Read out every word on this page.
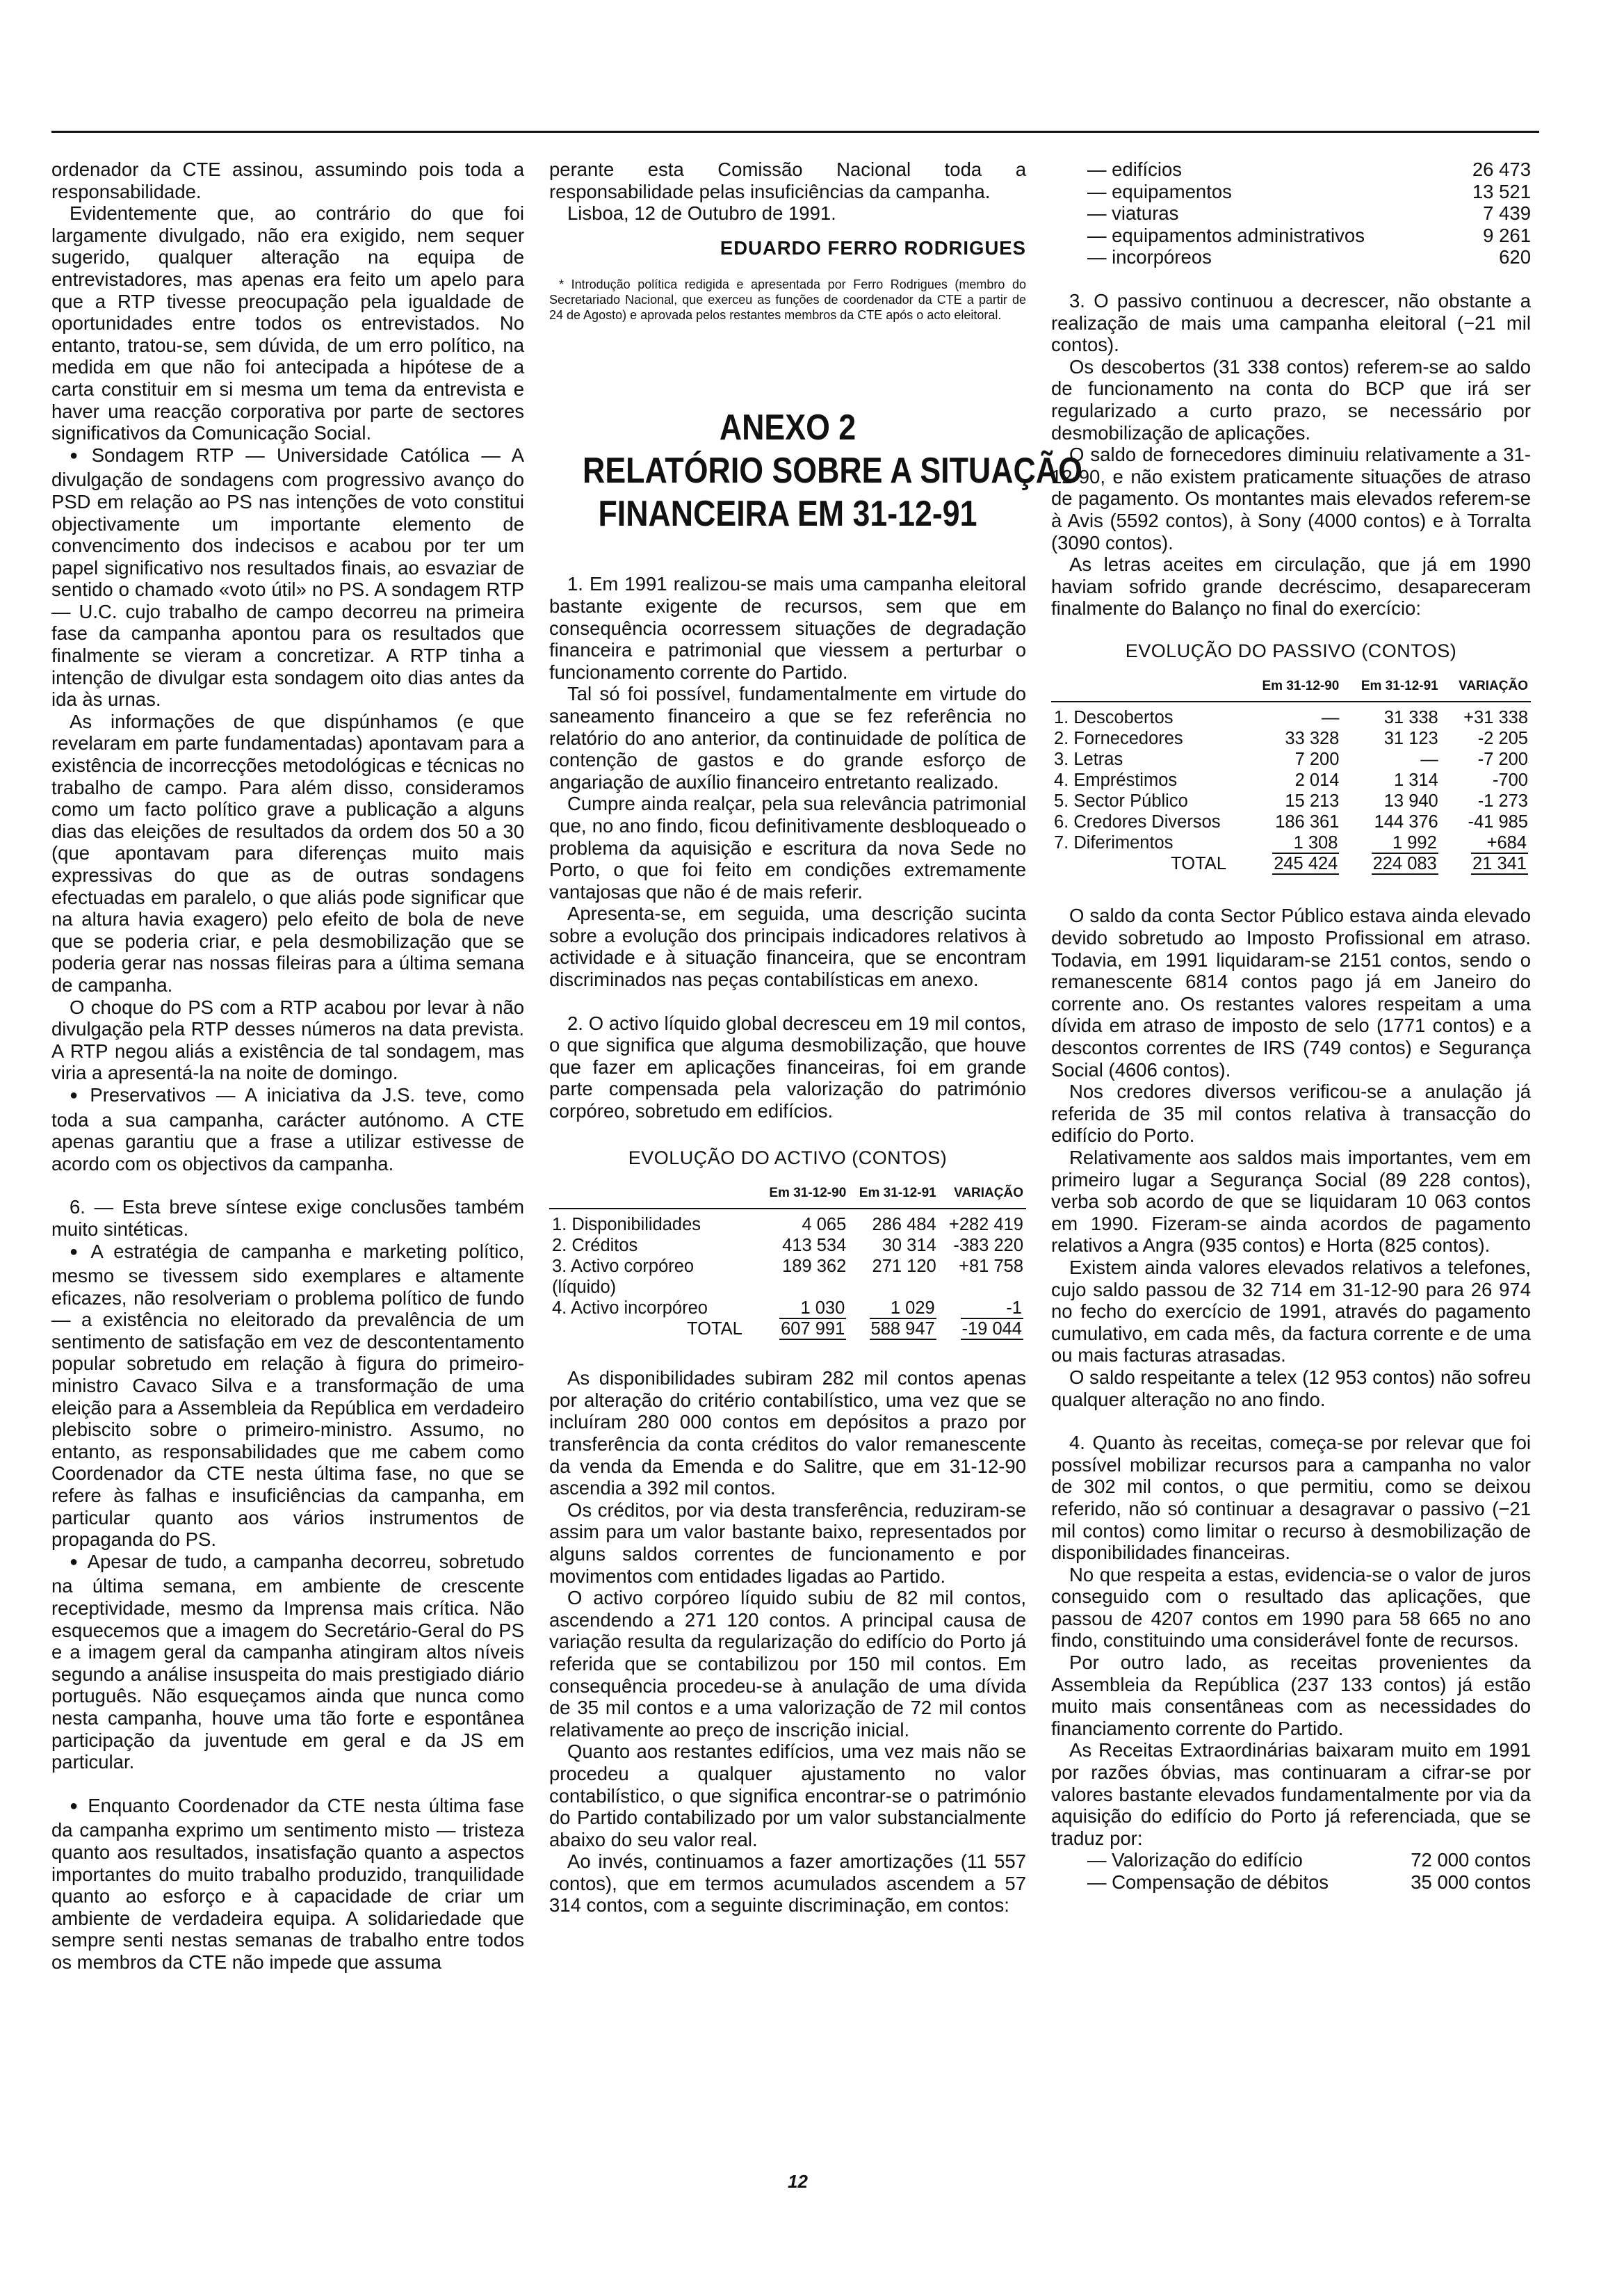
ordenador da CTE assinou, assumindo pois toda a responsabilidade.

Evidentemente que, ao contrário do que foi largamente divulgado, não era exigido, nem sequer sugerido, qualquer alteração na equipa de entrevistadores, mas apenas era feito um apelo para que a RTP tivesse preocupação pela igualdade de oportunidades entre todos os entrevistados. No entanto, tratou-se, sem dúvida, de um erro político, na medida em que não foi antecipada a hipótese de a carta constituir em si mesma um tema da entrevista e haver uma reacção corporativa por parte de sectores significativos da Comunicação Social.

● Sondagem RTP — Universidade Católica — A divulgação de sondagens com progressivo avanço do PSD em relação ao PS nas intenções de voto constitui objectivamente um importante elemento de convencimento dos indecisos e acabou por ter um papel significativo nos resultados finais, ao esvaziar de sentido o chamado «voto útil» no PS. A sondagem RTP — U.C. cujo trabalho de campo decorreu na primeira fase da campanha apontou para os resultados que finalmente se vieram a concretizar. A RTP tinha a intenção de divulgar esta sondagem oito dias antes da ida às urnas.

As informações de que dispúnhamos (e que revelaram em parte fundamentadas) apontavam para a existência de incorrecções metodológicas e técnicas no trabalho de campo. Para além disso, consideramos como um facto político grave a publicação a alguns dias das eleições de resultados da ordem dos 50 a 30 (que apontavam para diferenças muito mais expressivas do que as de outras sondagens efectuadas em paralelo, o que aliás pode significar que na altura havia exagero) pelo efeito de bola de neve que se poderia criar, e pela desmobilização que se poderia gerar nas nossas fileiras para a última semana de campanha.

O choque do PS com a RTP acabou por levar à não divulgação pela RTP desses números na data prevista. A RTP negou aliás a existência de tal sondagem, mas viria a apresentá-la na noite de domingo.

● Preservativos — A iniciativa da J.S. teve, como toda a sua campanha, carácter autónomo. A CTE apenas garantiu que a frase a utilizar estivesse de acordo com os objectivos da campanha.

6. — Esta breve síntese exige conclusões também muito sintéticas.

● A estratégia de campanha e marketing político, mesmo se tivessem sido exemplares e altamente eficazes, não resolveriam o problema político de fundo — a existência no eleitorado da prevalência de um sentimento de satisfação em vez de descontentamento popular sobretudo em relação à figura do primeiro-ministro Cavaco Silva e a transformação de uma eleição para a Assembleia da República em verdadeiro plebiscito sobre o primeiro-ministro. Assumo, no entanto, as responsabilidades que me cabem como Coordenador da CTE nesta última fase, no que se refere às falhas e insuficiências da campanha, em particular quanto aos vários instrumentos de propaganda do PS.

● Apesar de tudo, a campanha decorreu, sobretudo na última semana, em ambiente de crescente receptividade, mesmo da Imprensa mais crítica. Não esquecemos que a imagem do Secretário-Geral do PS e a imagem geral da campanha atingiram altos níveis segundo a análise insuspeita do mais prestigiado diário português. Não esqueçamos ainda que nunca como nesta campanha, houve uma tão forte e espontânea participação da juventude em geral e da JS em particular.

● Enquanto Coordenador da CTE nesta última fase da campanha exprimo um sentimento misto — tristeza quanto aos resultados, insatisfação quanto a aspectos importantes do muito trabalho produzido, tranquilidade quanto ao esforço e à capacidade de criar um ambiente de verdadeira equipa. A solidariedade que sempre senti nestas semanas de trabalho entre todos os membros da CTE não impede que assuma

perante esta Comissão Nacional toda a responsabilidade pelas insuficiências da campanha.

Lisboa, 12 de Outubro de 1991.

EDUARDO FERRO RODRIGUES

* Introdução política redigida e apresentada por Ferro Rodrigues (membro do Secretariado Nacional, que exerceu as funções de coordenador da CTE a partir de 24 de Agosto) e aprovada pelos restantes membros da CTE após o acto eleitoral.

ANEXO 2
RELATÓRIO SOBRE A SITUAÇÃO
FINANCEIRA EM 31-12-91

1. Em 1991 realizou-se mais uma campanha eleitoral bastante exigente de recursos, sem que em consequência ocorressem situações de degradação financeira e patrimonial que viessem a perturbar o funcionamento corrente do Partido.

Tal só foi possível, fundamentalmente em virtude do saneamento financeiro a que se fez referência no relatório do ano anterior, da continuidade de política de contenção de gastos e do grande esforço de angariação de auxílio financeiro entretanto realizado.

Cumpre ainda realçar, pela sua relevância patrimonial que, no ano findo, ficou definitivamente desbloqueado o problema da aquisição e escritura da nova Sede no Porto, o que foi feito em condições extremamente vantajosas que não é de mais referir.

Apresenta-se, em seguida, uma descrição sucinta sobre a evolução dos principais indicadores relativos à actividade e à situação financeira, que se encontram discriminados nas peças contabilísticas em anexo.

2. O activo líquido global decresceu em 19 mil contos, o que significa que alguma desmobilização, que houve que fazer em aplicações financeiras, foi em grande parte compensada pela valorização do património corpóreo, sobretudo em edifícios.

EVOLUÇÃO DO ACTIVO (CONTOS)
	Em 31-12-90	Em 31-12-91	VARIAÇÃO

1. Disponibilidades	4 065	286 484	+282 419
2. Créditos	413 534	30 314	-383 220
3. Activo corpóreo (líquido)	189 362	271 120	+81 758
4. Activo incorpóreo	1 030	1 029	-1
TOTAL	607 991	588 947	-19 044

As disponibilidades subiram 282 mil contos apenas por alteração do critério contabilístico, uma vez que se incluíram 280 000 contos em depósitos a prazo por transferência da conta créditos do valor remanescente da venda da Emenda e do Salitre, que em 31-12-90 ascendia a 392 mil contos.

Os créditos, por via desta transferência, reduziram-se assim para um valor bastante baixo, representados por alguns saldos correntes de funcionamento e por movimentos com entidades ligadas ao Partido.

O activo corpóreo líquido subiu de 82 mil contos, ascendendo a 271 120 contos. A principal causa de variação resulta da regularização do edifício do Porto já referida que se contabilizou por 150 mil contos. Em consequência procedeu-se à anulação de uma dívida de 35 mil contos e a uma valorização de 72 mil contos relativamente ao preço de inscrição inicial.

Quanto aos restantes edifícios, uma vez mais não se procedeu a qualquer ajustamento no valor contabilístico, o que significa encontrar-se o património do Partido contabilizado por um valor substancialmente abaixo do seu valor real.

Ao invés, continuamos a fazer amortizações (11 557 contos), que em termos acumulados ascendem a 57 314 contos, com a seguinte discriminação, em contos:

— edifícios	26 473
— equipamentos	13 521
— viaturas	7 439
— equipamentos administrativos	9 261
— incorpóreos	620

3. O passivo continuou a decrescer, não obstante a realização de mais uma campanha eleitoral (−21 mil contos).

Os descobertos (31 338 contos) referem-se ao saldo de funcionamento na conta do BCP que irá ser regularizado a curto prazo, se necessário por desmobilização de aplicações.

O saldo de fornecedores diminuiu relativamente a 31-12-90, e não existem praticamente situações de atraso de pagamento. Os montantes mais elevados referem-se à Avis (5592 contos), à Sony (4000 contos) e à Torralta (3090 contos).

As letras aceites em circulação, que já em 1990 haviam sofrido grande decréscimo, desapareceram finalmente do Balanço no final do exercício:

EVOLUÇÃO DO PASSIVO (CONTOS)
	Em 31-12-90	Em 31-12-91	VARIAÇÃO

1. Descobertos	—	31 338	+31 338
2. Fornecedores	33 328	31 123	-2 205
3. Letras	7 200	—	-7 200
4. Empréstimos	2 014	1 314	-700
5. Sector Público	15 213	13 940	-1 273
6. Credores Diversos	186 361	144 376	-41 985
7. Diferimentos	1 308	1 992	+684
TOTAL	245 424	224 083	21 341

O saldo da conta Sector Público estava ainda elevado devido sobretudo ao Imposto Profissional em atraso. Todavia, em 1991 liquidaram-se 2151 contos, sendo o remanescente 6814 contos pago já em Janeiro do corrente ano. Os restantes valores respeitam a uma dívida em atraso de imposto de selo (1771 contos) e a descontos correntes de IRS (749 contos) e Segurança Social (4606 contos).

Nos credores diversos verificou-se a anulação já referida de 35 mil contos relativa à transacção do edifício do Porto.

Relativamente aos saldos mais importantes, vem em primeiro lugar a Segurança Social (89 228 contos), verba sob acordo de que se liquidaram 10 063 contos em 1990. Fizeram-se ainda acordos de pagamento relativos a Angra (935 contos) e Horta (825 contos).

Existem ainda valores elevados relativos a telefones, cujo saldo passou de 32 714 em 31-12-90 para 26 974 no fecho do exercício de 1991, através do pagamento cumulativo, em cada mês, da factura corrente e de uma ou mais facturas atrasadas.

O saldo respeitante a telex (12 953 contos) não sofreu qualquer alteração no ano findo.

4. Quanto às receitas, começa-se por relevar que foi possível mobilizar recursos para a campanha no valor de 302 mil contos, o que permitiu, como se deixou referido, não só continuar a desagravar o passivo (−21 mil contos) como limitar o recurso à desmobilização de disponibilidades financeiras.

No que respeita a estas, evidencia-se o valor de juros conseguido com o resultado das aplicações, que passou de 4207 contos em 1990 para 58 665 no ano findo, constituindo uma considerável fonte de recursos.

Por outro lado, as receitas provenientes da Assembleia da República (237 133 contos) já estão muito mais consentâneas com as necessidades do financiamento corrente do Partido.

As Receitas Extraordinárias baixaram muito em 1991 por razões óbvias, mas continuaram a cifrar-se por valores bastante elevados fundamentalmente por via da aquisição do edifício do Porto já referenciada, que se traduz por:

— Valorização do edifício	72 000 contos
— Compensação de débitos	35 000 contos
12
